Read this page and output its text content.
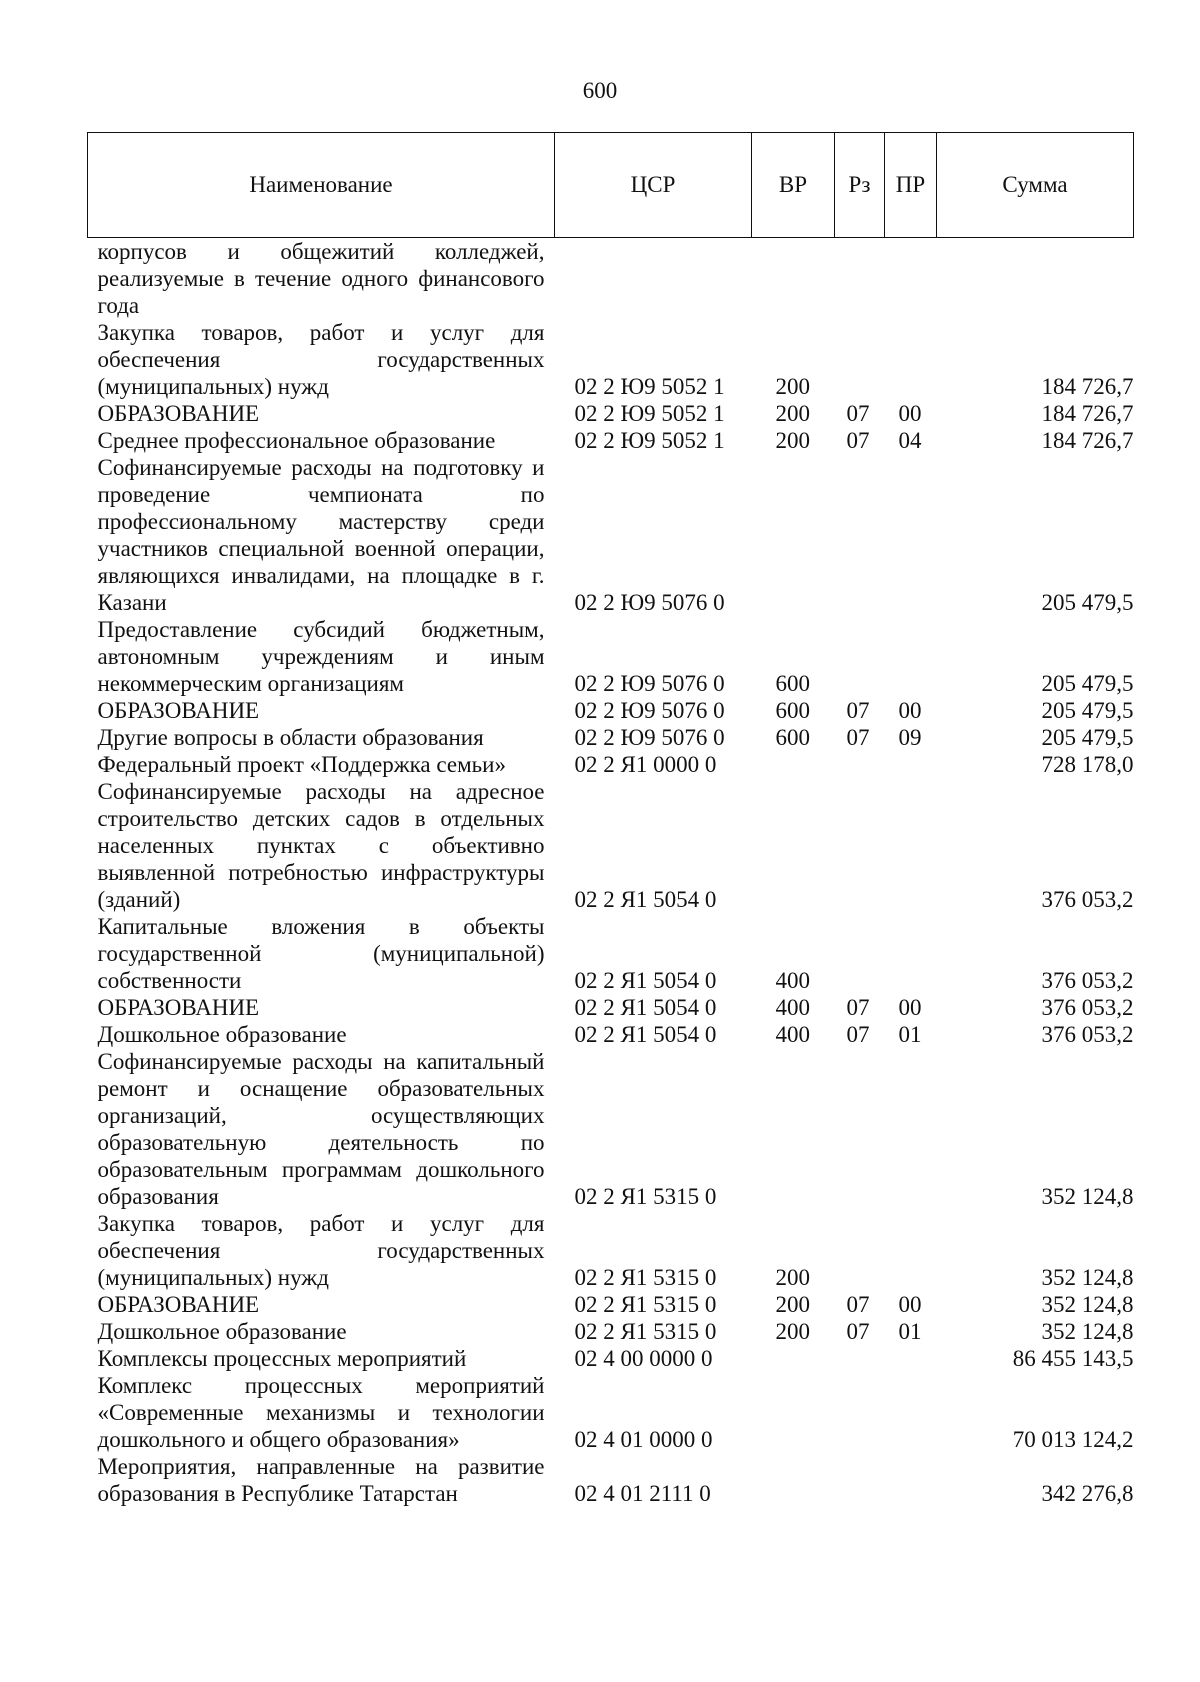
600
Наименование	ЦСР	ВР	Рз	ПР	Сумма
корпусов и общежитий колледжей, реализуемые в течение одного финансового года					
Закупка товаров, работ и услуг для обеспечения государственных (муниципальных) нужд	02 2 Ю9 5052 1	200			184 726,7
ОБРАЗОВАНИЕ	02 2 Ю9 5052 1	200	07	00	184 726,7
Среднее профессиональное образование	02 2 Ю9 5052 1	200	07	04	184 726,7
Софинансируемые расходы на подготовку и проведение чемпионата по профессиональному мастерству среди участников специальной военной операции, являющихся инвалидами, на площадке в г. Казани	02 2 Ю9 5076 0				205 479,5
Предоставление субсидий бюджетным, автономным учреждениям и иным некоммерческим организациям	02 2 Ю9 5076 0	600			205 479,5
ОБРАЗОВАНИЕ	02 2 Ю9 5076 0	600	07	00	205 479,5
Другие вопросы в области образования	02 2 Ю9 5076 0	600	07	09	205 479,5
Федеральный проект «Поддержка семьи»	02 2 Я1 0000 0				728 178,0
Софинансируемые расходы на адресное строительство детских садов в отдельных населенных пунктах с объективно выявленной потребностью инфраструктуры (зданий)	02 2 Я1 5054 0				376 053,2
Капитальные вложения в объекты государственной (муниципальной) собственности	02 2 Я1 5054 0	400			376 053,2
ОБРАЗОВАНИЕ	02 2 Я1 5054 0	400	07	00	376 053,2
Дошкольное образование	02 2 Я1 5054 0	400	07	01	376 053,2
Софинансируемые расходы на капитальный ремонт и оснащение образовательных организаций, осуществляющих образовательную деятельность по образовательным программам дошкольного образования	02 2 Я1 5315 0				352 124,8
Закупка товаров, работ и услуг для обеспечения государственных (муниципальных) нужд	02 2 Я1 5315 0	200			352 124,8
ОБРАЗОВАНИЕ	02 2 Я1 5315 0	200	07	00	352 124,8
Дошкольное образование	02 2 Я1 5315 0	200	07	01	352 124,8
Комплексы процессных мероприятий	02 4 00 0000 0				86 455 143,5
Комплекс процессных мероприятий «Современные механизмы и технологии дошкольного и общего образования»	02 4 01 0000 0				70 013 124,2
Мероприятия, направленные на развитие образования в Республике Татарстан	02 4 01 2111 0				342 276,8
